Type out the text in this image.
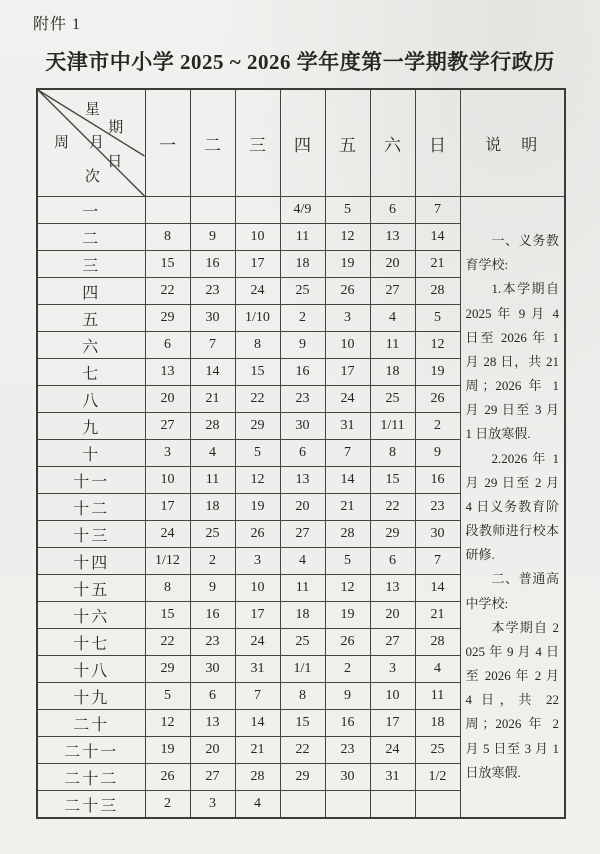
附件 1
天津市中小学 2025 ~ 2026 学年度第一学期教学行政历
星
期
月
日
周
次
	一	二	三	四	五	六	日	说　明
一				4/9	5	6	7	一、义务教育学校:

1.本学期自 2025 年 9 月 4 日至 2026 年 1 月 28 日，共 21 周；2026 年 1 月 29 日至 3 月 1 日放寒假.

2.2026 年 1 月 29 日至 2 月 4 日义务教育阶段教师进行校本研修.

二、普通高中学校:

本学期自 2025 年 9 月 4 日至 2026 年 2 月 4 日，共 22 周；2026 年 2 月 5 日至 3 月 1 日放寒假.

二	8	9	10	11	12	13	14	
三	15	16	17	18	19	20	21	
四	22	23	24	25	26	27	28	
五	29	30	1/10	2	3	4	5	
六	6	7	8	9	10	11	12	
七	13	14	15	16	17	18	19	
八	20	21	22	23	24	25	26	
九	27	28	29	30	31	1/11	2	
十	3	4	5	6	7	8	9	
十一	10	11	12	13	14	15	16	
十二	17	18	19	20	21	22	23	
十三	24	25	26	27	28	29	30	
十四	1/12	2	3	4	5	6	7	
十五	8	9	10	11	12	13	14	
十六	15	16	17	18	19	20	21	
十七	22	23	24	25	26	27	28	
十八	29	30	31	1/1	2	3	4	
十九	5	6	7	8	9	10	11	
二十	12	13	14	15	16	17	18	
二十一	19	20	21	22	23	24	25	
二十二	26	27	28	29	30	31	1/2	
二十三	2	3	4					
